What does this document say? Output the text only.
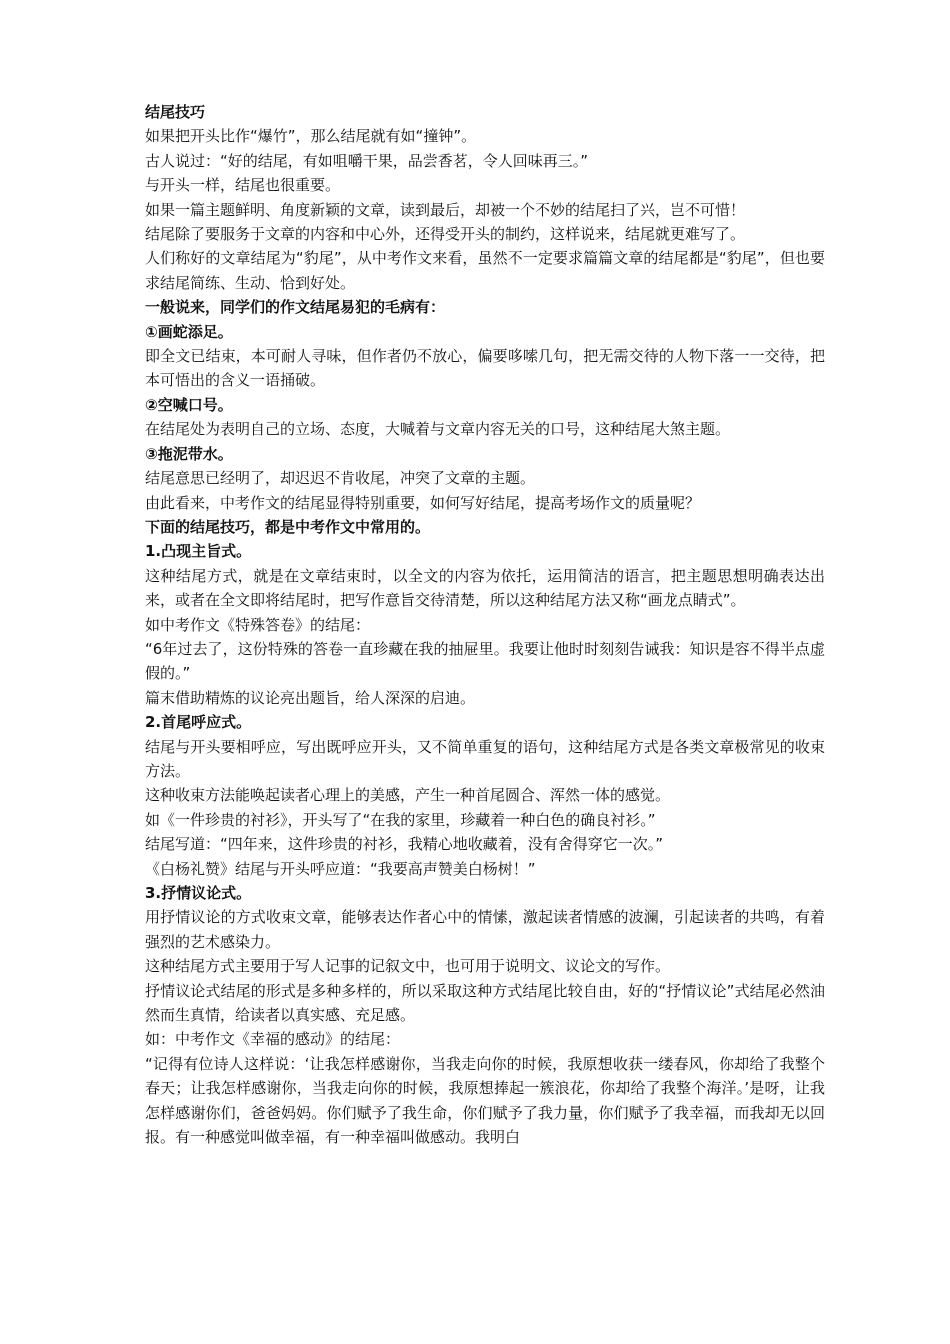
结尾技巧

如果把开头比作“爆竹”，那么结尾就有如“撞钟”。

古人说过：“好的结尾，有如咀嚼干果，品尝香茗，令人回味再三。”

与开头一样，结尾也很重要。

如果一篇主题鲜明、角度新颖的文章，读到最后，却被一个不妙的结尾扫了兴，岂不可惜！

结尾除了要服务于文章的内容和中心外，还得受开头的制约，这样说来，结尾就更难写了。

人们称好的文章结尾为“豹尾”，从中考作文来看，虽然不一定要求篇篇文章的结尾都是“豹尾”，但也要求结尾简练、生动、恰到好处。

一般说来，同学们的作文结尾易犯的毛病有：

①画蛇添足。

即全文已结束，本可耐人寻味，但作者仍不放心，偏要哆嗦几句，把无需交待的人物下落一一交待，把本可悟出的含义一语捅破。

②空喊口号。

在结尾处为表明自己的立场、态度，大喊着与文章内容无关的口号，这种结尾大煞主题。

③拖泥带水。

结尾意思已经明了，却迟迟不肯收尾，冲突了文章的主题。

由此看来，中考作文的结尾显得特别重要，如何写好结尾，提高考场作文的质量呢？

下面的结尾技巧，都是中考作文中常用的。

1.凸现主旨式。

这种结尾方式，就是在文章结束时，以全文的内容为依托，运用简洁的语言，把主题思想明确表达出来，或者在全文即将结尾时，把写作意旨交待清楚，所以这种结尾方法又称“画龙点睛式”。

如中考作文《特殊答卷》的结尾：

“6年过去了，这份特殊的答卷一直珍藏在我的抽屉里。我要让他时时刻刻告诫我：知识是容不得半点虚假的。”

篇末借助精炼的议论亮出题旨，给人深深的启迪。

2.首尾呼应式。

结尾与开头要相呼应，写出既呼应开头，又不简单重复的语句，这种结尾方式是各类文章极常见的收束方法。

这种收束方法能唤起读者心理上的美感，产生一种首尾圆合、浑然一体的感觉。

如《一件珍贵的衬衫》，开头写了“在我的家里，珍藏着一种白色的确良衬衫。”

结尾写道：“四年来，这件珍贵的衬衫，我精心地收藏着，没有舍得穿它一次。”

《白杨礼赞》结尾与开头呼应道：“我要高声赞美白杨树！”

3.抒情议论式。

用抒情议论的方式收束文章，能够表达作者心中的情愫，激起读者情感的波澜，引起读者的共鸣，有着强烈的艺术感染力。

这种结尾方式主要用于写人记事的记叙文中，也可用于说明文、议论文的写作。

抒情议论式结尾的形式是多种多样的，所以采取这种方式结尾比较自由，好的“抒情议论”式结尾必然油然而生真情，给读者以真实感、充足感。

如：中考作文《幸福的感动》的结尾：

“记得有位诗人这样说：‘让我怎样感谢你，当我走向你的时候，我原想收获一缕春风，你却给了我整个春天；让我怎样感谢你，当我走向你的时候，我原想捧起一簇浪花，你却给了我整个海洋。’是呀，让我怎样感谢你们，爸爸妈妈。你们赋予了我生命，你们赋予了我力量，你们赋予了我幸福，而我却无以回报。有一种感觉叫做幸福，有一种幸福叫做感动。我明白
